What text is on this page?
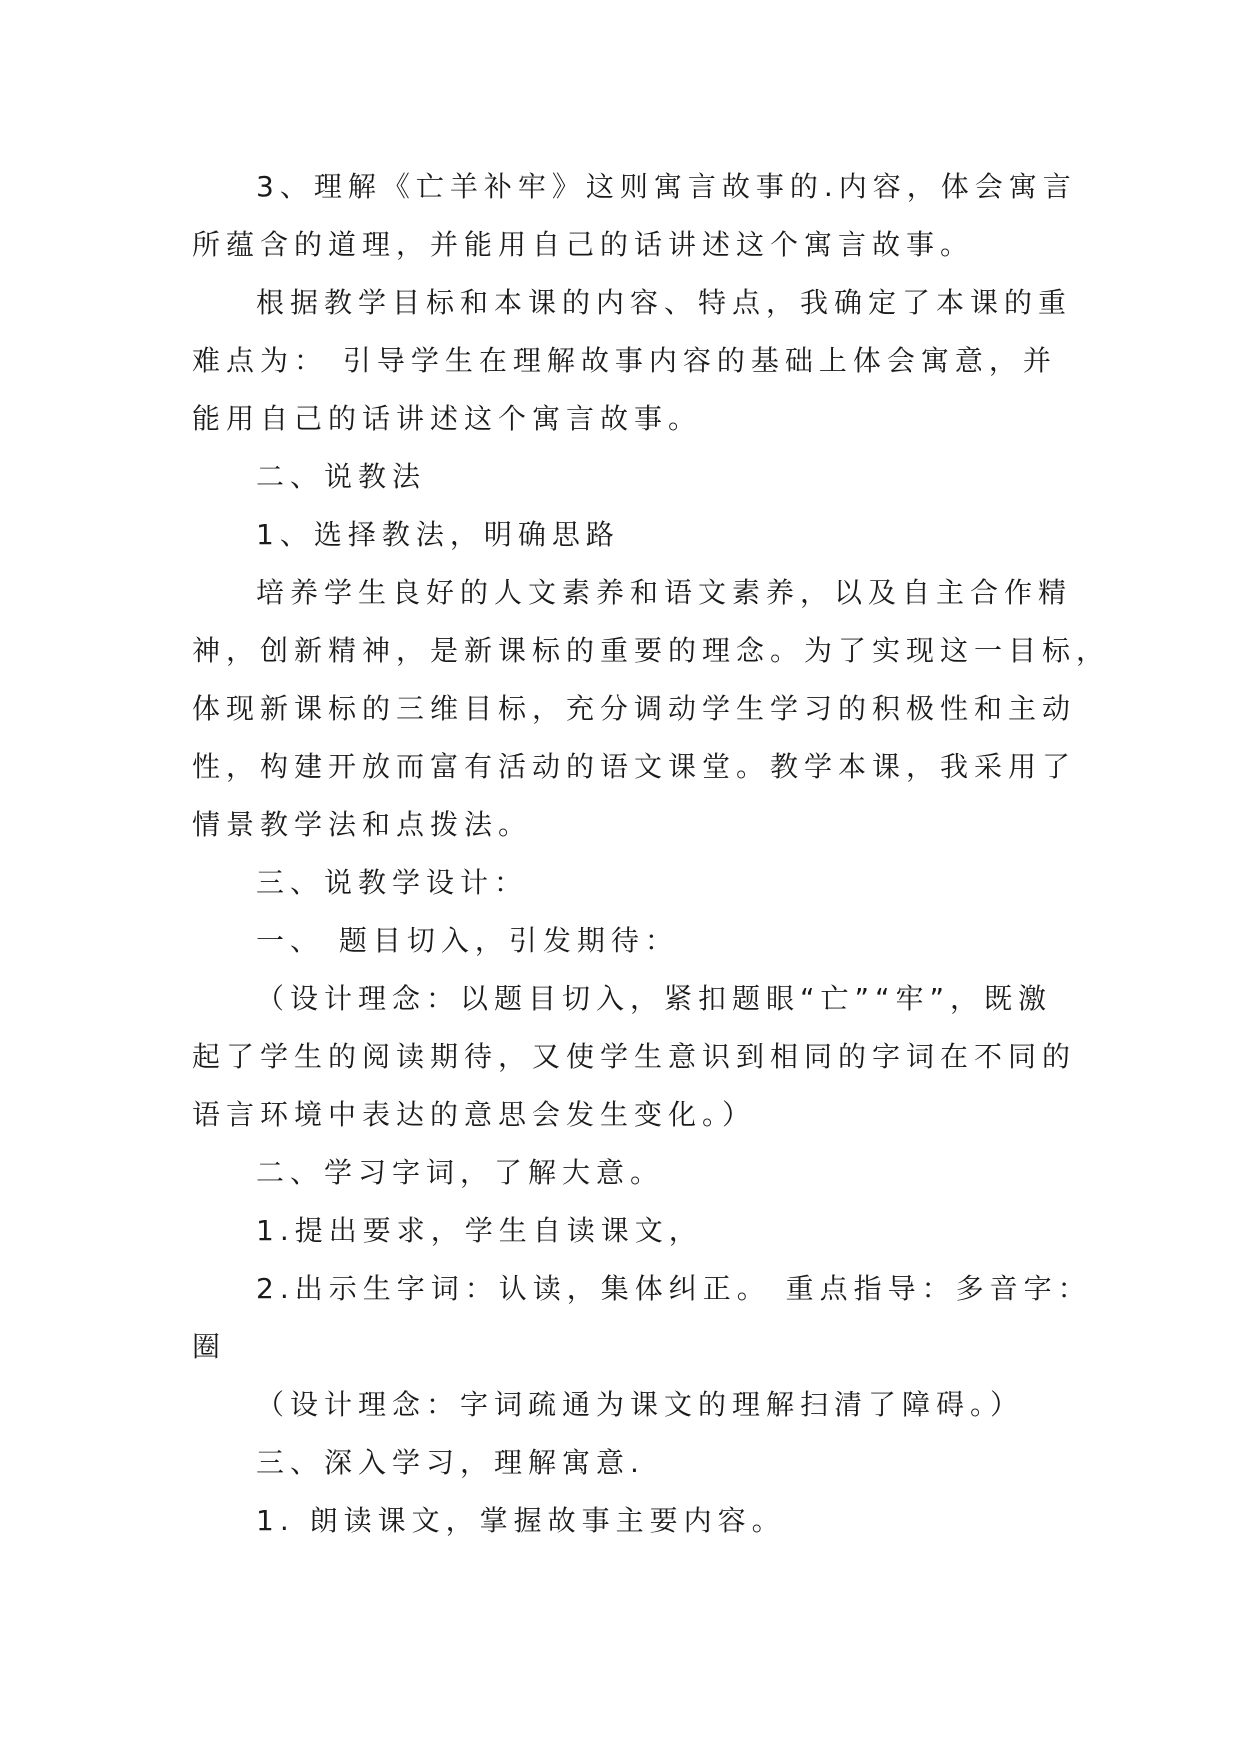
3、理解《亡羊补牢》这则寓言故事的.内容，体会寓言
所蕴含的道理，并能用自己的话讲述这个寓言故事。
根据教学目标和本课的内容、特点，我确定了本课的重
难点为： 引导学生在理解故事内容的基础上体会寓意，并
能用自己的话讲述这个寓言故事。
二、说教法
1、选择教法，明确思路
培养学生良好的人文素养和语文素养，以及自主合作精
神，创新精神，是新课标的重要的理念。为了实现这一目标，
体现新课标的三维目标，充分调动学生学习的积极性和主动
性，构建开放而富有活动的语文课堂。教学本课，我采用了
情景教学法和点拨法。
三、说教学设计：
一、 题目切入，引发期待：
（设计理念：以题目切入，紧扣题眼“亡”“牢”，既激
起了学生的阅读期待，又使学生意识到相同的字词在不同的
语言环境中表达的意思会发生变化。）
二、学习字词，了解大意。
1.提出要求，学生自读课文，
2.出示生字词：认读，集体纠正。 重点指导：多音字：
圈
（设计理念：字词疏通为课文的理解扫清了障碍。）
三、深入学习，理解寓意.
1. 朗读课文，掌握故事主要内容。
